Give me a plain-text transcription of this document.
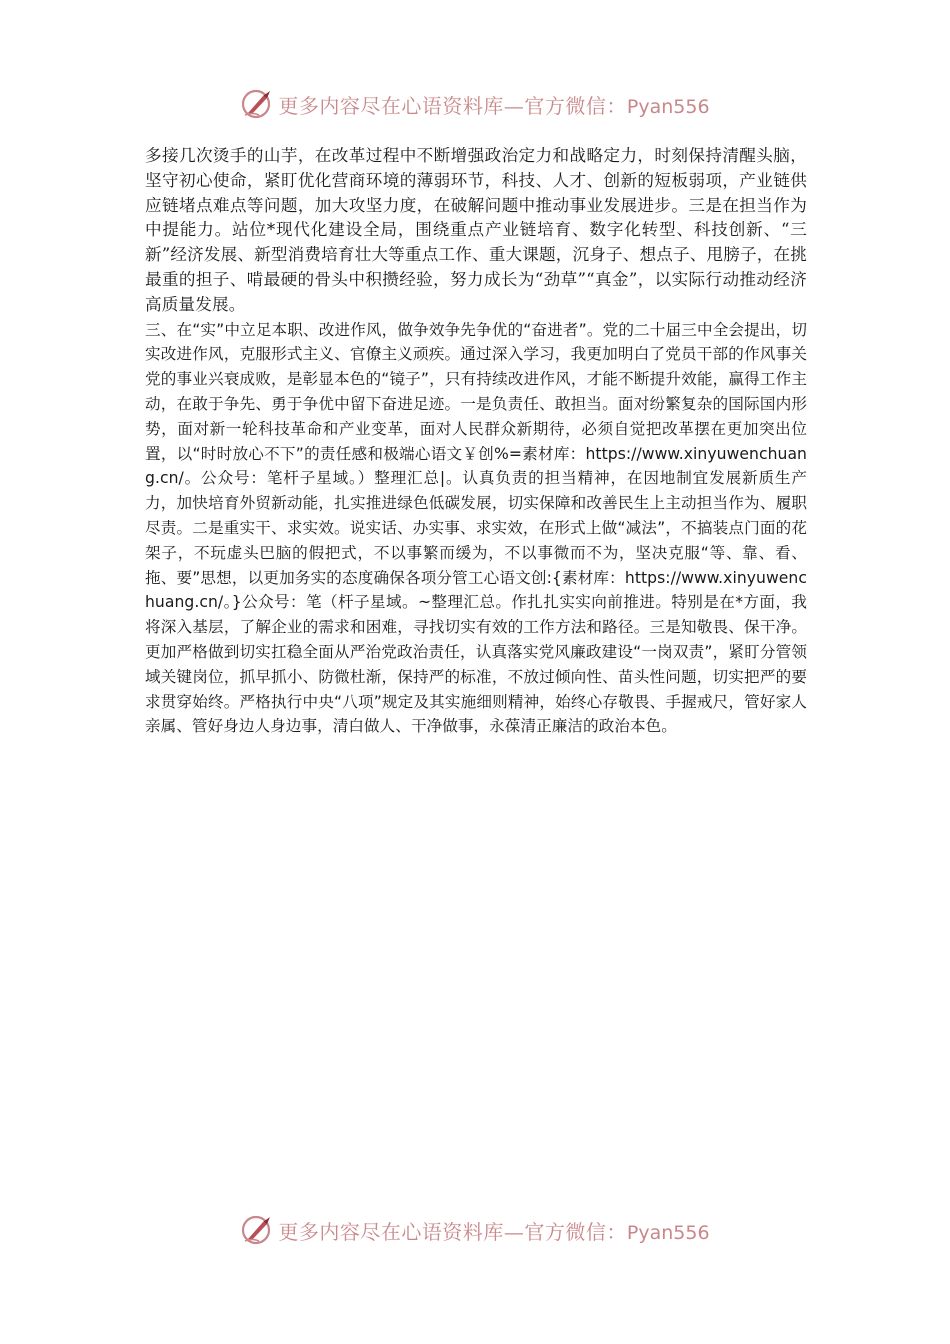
更多内容尽在心语资料库—官方微信：Pyan556

多接几次烫手的山芋，在改革过程中不断增强政治定力和战略定力，时刻保持清醒头脑，坚守初心使命，紧盯优化营商环境的薄弱环节，科技、人才、创新的短板弱项，产业链供应链堵点难点等问题，加大攻坚力度，在破解问题中推动事业发展进步。三是在担当作为中提能力。站位*现代化建设全局，围绕重点产业链培育、数字化转型、科技创新、“三新”经济发展、新型消费培育壮大等重点工作、重大课题，沉身子、想点子、甩膀子，在挑最重的担子、啃最硬的骨头中积攒经验，努力成长为“劲草”“真金”，以实际行动推动经济高质量发展。

三、在“实”中立足本职、改进作风，做争效争先争优的“奋进者”。党的二十届三中全会提出，切实改进作风，克服形式主义、官僚主义顽疾。通过深入学习，我更加明白了党员干部的作风事关党的事业兴衰成败，是彰显本色的“镜子”，只有持续改进作风，才能不断提升效能，赢得工作主动，在敢于争先、勇于争优中留下奋进足迹。一是负责任、敢担当。面对纷繁复杂的国际国内形势，面对新一轮科技革命和产业变革，面对人民群众新期待，必须自觉把改革摆在更加突出位置，以“时时放心不下”的责任感和极端心语文￥创%=素材库：https://www.xinyuwenchuang.cn/。公众号：笔杆子星域。）整理汇总|。认真负责的担当精神，在因地制宜发展新质生产力，加快培育外贸新动能，扎实推进绿色低碳发展，切实保障和改善民生上主动担当作为、履职尽责。二是重实干、求实效。说实话、办实事、求实效，在形式上做“减法”，不搞装点门面的花架子，不玩虚头巴脑的假把式，不以事繁而缓为，不以事微而不为，坚决克服“等、靠、看、拖、要”思想，以更加务实的态度确保各项分管工心语文创:{素材库：https://www.xinyuwenchuang.cn/。}公众号：笔（杆子星域。~整理汇总。作扎扎实实向前推进。特别是在*方面，我将深入基层，了解企业的需求和困难，寻找切实有效的工作方法和路径。三是知敬畏、保干净。更加严格做到切实扛稳全面从严治党政治责任，认真落实党风廉政建设“一岗双责”，紧盯分管领域关键岗位，抓早抓小、防微杜渐，保持严的标准，不放过倾向性、苗头性问题，切实把严的要求贯穿始终。严格执行中央“八项”规定及其实施细则精神，始终心存敬畏、手握戒尺，管好家人亲属、管好身边人身边事，清白做人、干净做事，永葆清正廉洁的政治本色。

更多内容尽在心语资料库—官方微信：Pyan556
